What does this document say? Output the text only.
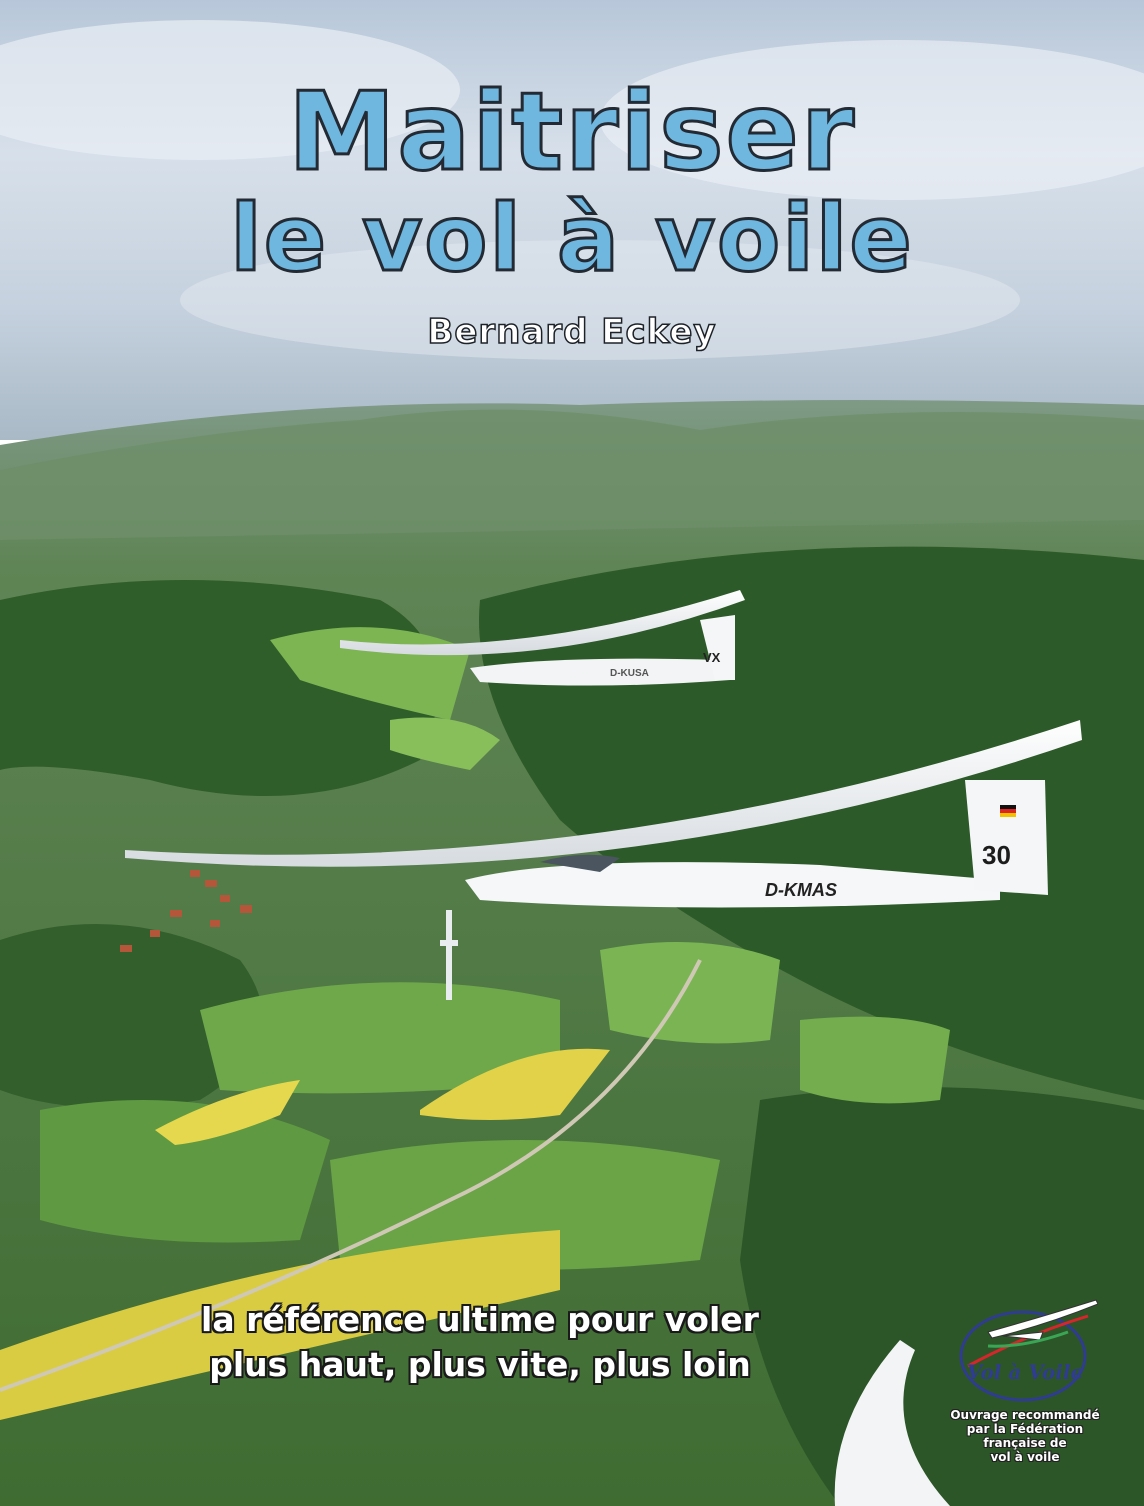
Maitriser
le vol à voile
Bernard Eckey
VX
D-KUSA
30
D-KMAS
la référence ultime pour voler
plus haut, plus vite, plus loin	Vol à Voile
Ouvrage recommandé
par la Fédération
française de
vol à voile
